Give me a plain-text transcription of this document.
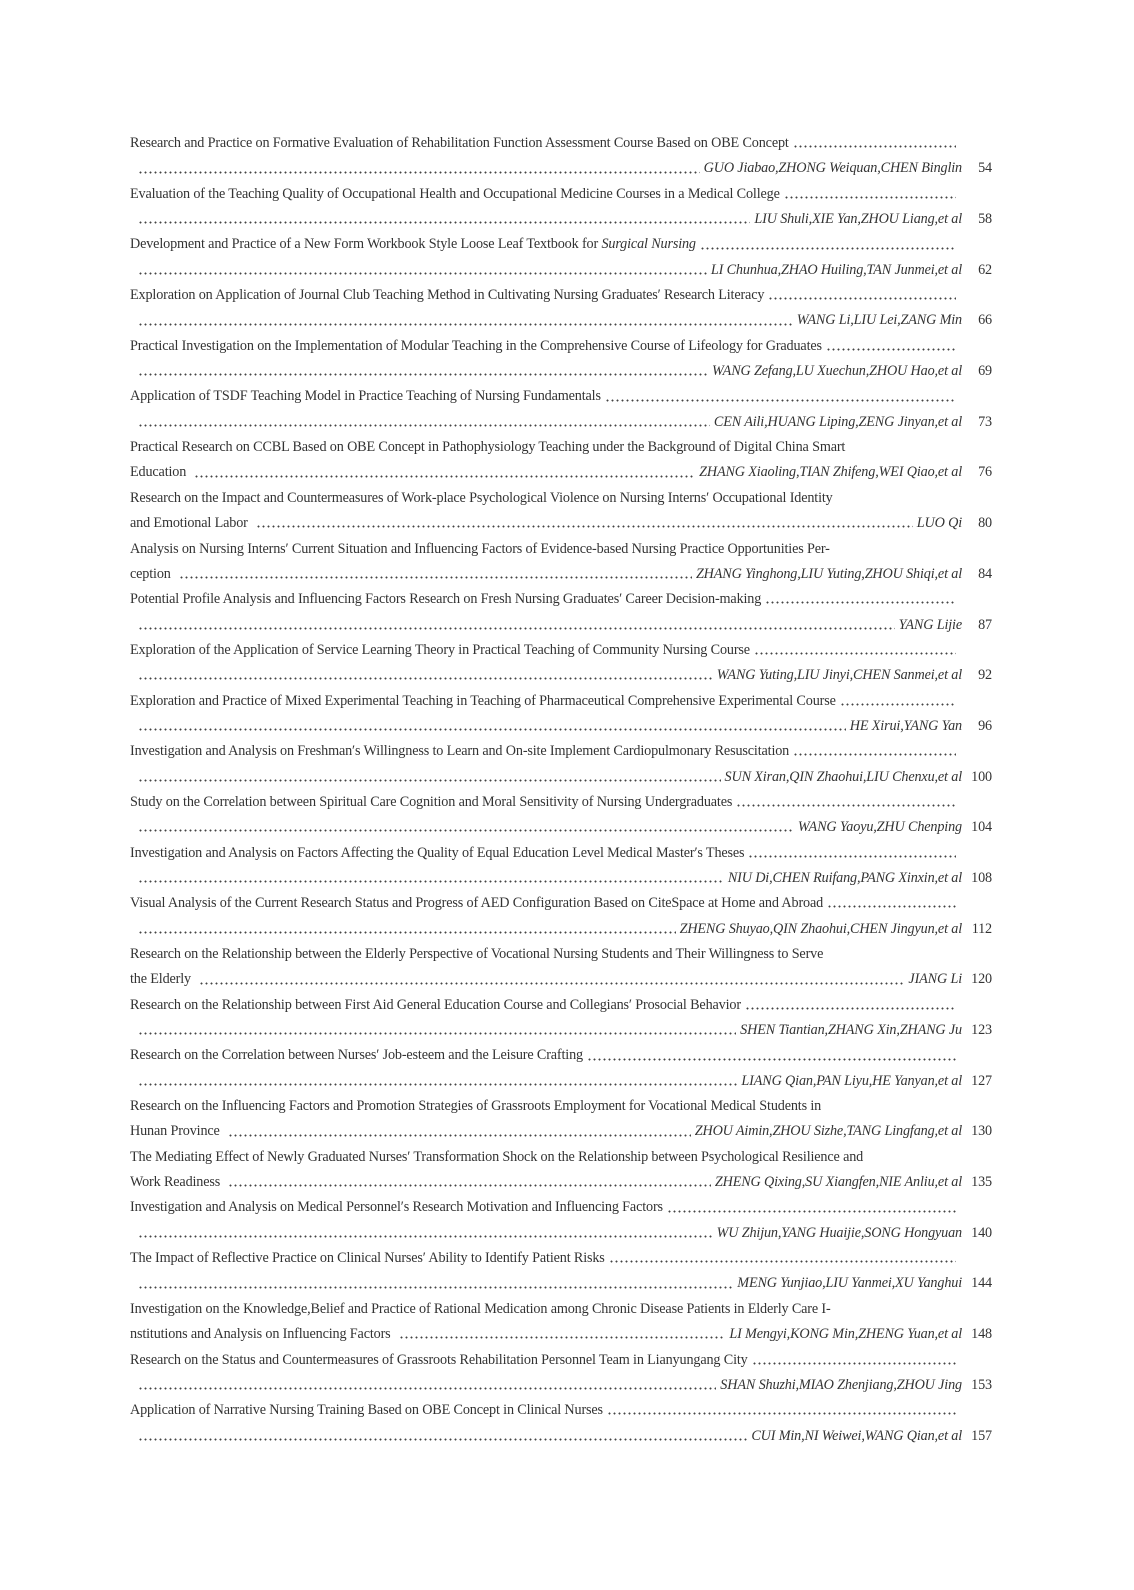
Research and Practice on Formative Evaluation of Rehabilitation Function Assessment Course Based on OBE Concept
GUO Jiabao,ZHONG Weiquan,CHEN Binglin	54
Evaluation of the Teaching Quality of Occupational Health and Occupational Medicine Courses in a Medical College
LIU Shuli,XIE Yan,ZHOU Liang,et al	58
Development and Practice of a New Form Workbook Style Loose Leaf Textbook for
Surgical Nursing
LI Chunhua,ZHAO Huiling,TAN Junmei,et al	62
Exploration on Application of Journal Club Teaching Method in Cultivating Nursing Graduates′ Research Literacy
WANG Li,LIU Lei,ZANG Min	66
Practical Investigation on the Implementation of Modular Teaching in the Comprehensive Course of Lifeology for Graduates
WANG Zefang,LU Xuechun,ZHOU Hao,et al	69
Application of TSDF Teaching Model in Practice Teaching of Nursing Fundamentals
CEN Aili,HUANG Liping,ZENG Jinyan,et al	73
Practical Research on CCBL Based on OBE Concept in Pathophysiology Teaching under the Background of Digital China Smart
Education	ZHANG Xiaoling,TIAN Zhifeng,WEI Qiao,et al	76
Research on the Impact and Countermeasures of Work-place Psychological Violence on Nursing Interns′ Occupational Identity
and Emotional Labor	LUO Qi	80
Analysis on Nursing Interns′ Current Situation and Influencing Factors of Evidence-based Nursing Practice Opportunities Per-
ception	ZHANG Yinghong,LIU Yuting,ZHOU Shiqi,et al	84
Potential Profile Analysis and Influencing Factors Research on Fresh Nursing Graduates′ Career Decision-making
YANG Lijie	87
Exploration of the Application of Service Learning Theory in Practical Teaching of Community Nursing Course
WANG Yuting,LIU Jinyi,CHEN Sanmei,et al	92
Exploration and Practice of Mixed Experimental Teaching in Teaching of Pharmaceutical Comprehensive Experimental Course
HE Xirui,YANG Yan	96
Investigation and Analysis on Freshman′s Willingness to Learn and On-site Implement Cardiopulmonary Resuscitation
SUN Xiran,QIN Zhaohui,LIU Chenxu,et al 100
Study on the Correlation between Spiritual Care Cognition and Moral Sensitivity of Nursing Undergraduates
WANG Yaoyu,ZHU Chenping 104
Investigation and Analysis on Factors Affecting the Quality of Equal Education Level Medical Master′s Theses
NIU Di,CHEN Ruifang,PANG Xinxin,et al 108
Visual Analysis of the Current Research Status and Progress of AED Configuration Based on CiteSpace at Home and Abroad
ZHENG Shuyao,QIN Zhaohui,CHEN Jingyun,et al 112
Research on the Relationship between the Elderly Perspective of Vocational Nursing Students and Their Willingness to Serve
the Elderly	JIANG Li 120
Research on the Relationship between First Aid General Education Course and Collegians′ Prosocial Behavior
SHEN Tiantian,ZHANG Xin,ZHANG Ju 123
Research on the Correlation between Nurses′ Job-esteem and the Leisure Crafting
LIANG Qian,PAN Liyu,HE Yanyan,et al 127
Research on the Influencing Factors and Promotion Strategies of Grassroots Employment for Vocational Medical Students in
Hunan Province	ZHOU Aimin,ZHOU Sizhe,TANG Lingfang,et al 130
The Mediating Effect of Newly Graduated Nurses′ Transformation Shock on the Relationship between Psychological Resilience and
Work Readiness	ZHENG Qixing,SU Xiangfen,NIE Anliu,et al 135
Investigation and Analysis on Medical Personnel′s Research Motivation and Influencing Factors
WU Zhijun,YANG Huaijie,SONG Hongyuan 140
The Impact of Reflective Practice on Clinical Nurses′ Ability to Identify Patient Risks
MENG Yunjiao,LIU Yanmei,XU Yanghui 144
Investigation on the Knowledge,Belief and Practice of Rational Medication among Chronic Disease Patients in Elderly Care I-
nstitutions and Analysis on Influencing Factors	LI Mengyi,KONG Min,ZHENG Yuan,et al 148
Research on the Status and Countermeasures of Grassroots Rehabilitation Personnel Team in Lianyungang City
SHAN Shuzhi,MIAO Zhenjiang,ZHOU Jing 153
Application of Narrative Nursing Training Based on OBE Concept in Clinical Nurses
CUI Min,NI Weiwei,WANG Qian,et al 157
